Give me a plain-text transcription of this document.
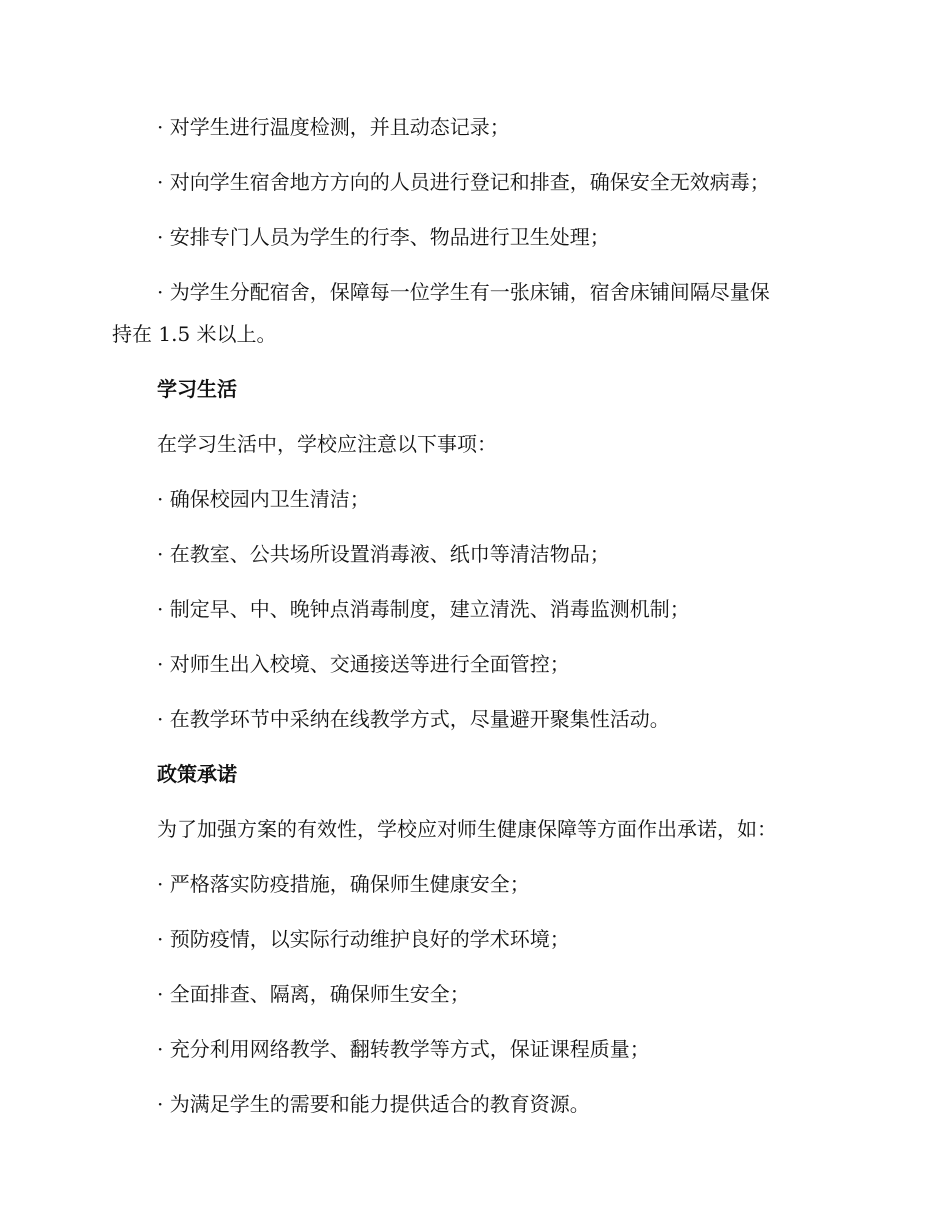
· 对学生进行温度检测，并且动态记录；
· 对向学生宿舍地方方向的人员进行登记和排查，确保安全无效病毒；
· 安排专门人员为学生的行李、物品进行卫生处理；
· 为学生分配宿舍，保障每一位学生有一张床铺，宿舍床铺间隔尽量保
持在 1.5 米以上。
学习生活
在学习生活中，学校应注意以下事项：
· 确保校园内卫生清洁；
· 在教室、公共场所设置消毒液、纸巾等清洁物品；
· 制定早、中、晚钟点消毒制度，建立清洗、消毒监测机制；
· 对师生出入校境、交通接送等进行全面管控；
· 在教学环节中采纳在线教学方式，尽量避开聚集性活动。
政策承诺
为了加强方案的有效性，学校应对师生健康保障等方面作出承诺，如：
· 严格落实防疫措施，确保师生健康安全；
· 预防疫情，以实际行动维护良好的学术环境；
· 全面排查、隔离，确保师生安全；
· 充分利用网络教学、翻转教学等方式，保证课程质量；
· 为满足学生的需要和能力提供适合的教育资源。
